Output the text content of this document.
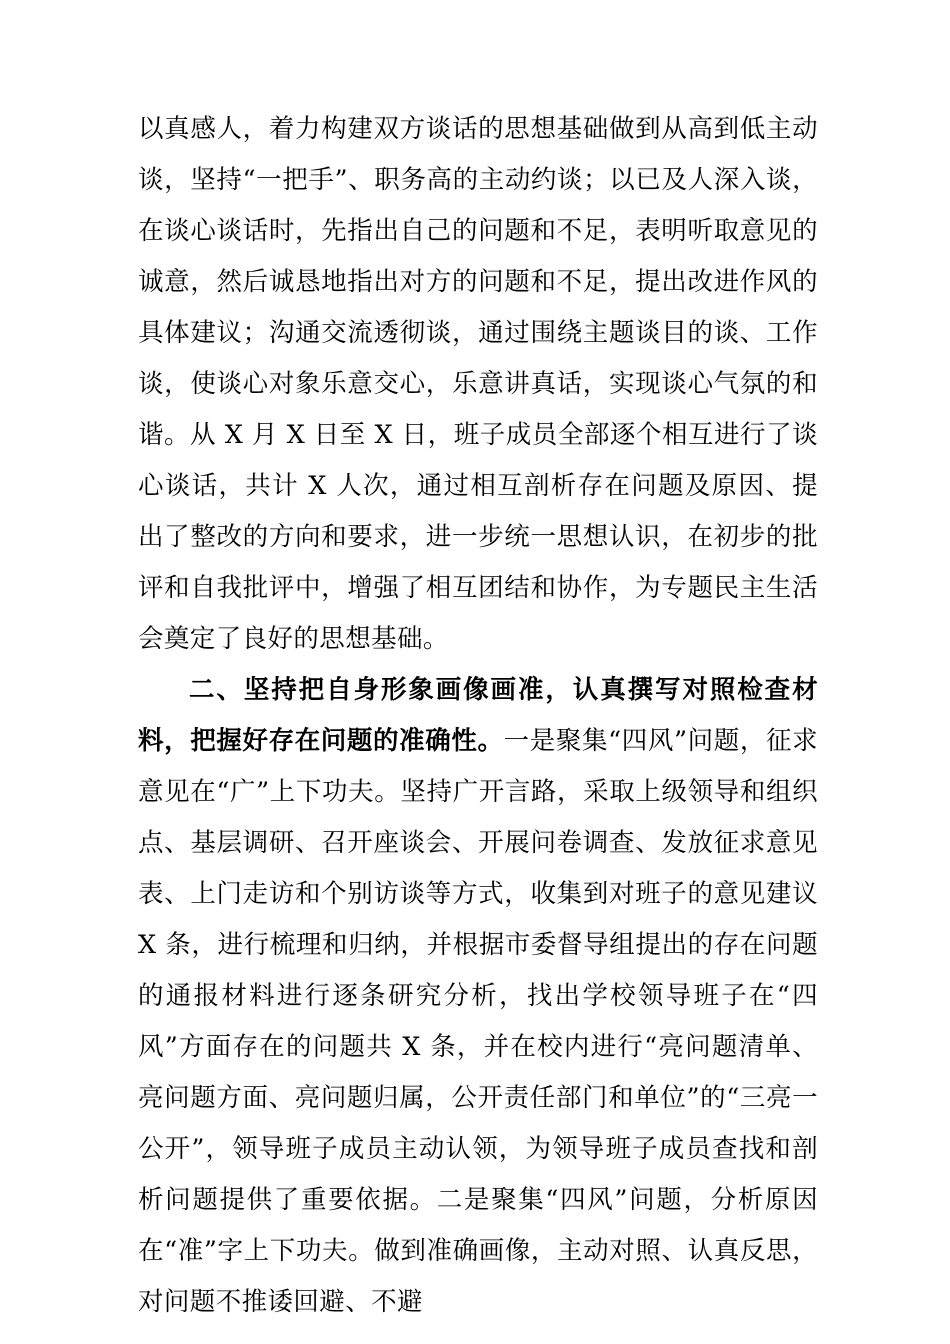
以真感人，着力构建双方谈话的思想基础做到从高到低主动谈，坚持“一把手”、职务高的主动约谈；以已及人深入谈，在谈心谈话时，先指出自己的问题和不足，表明听取意见的诚意，然后诚恳地指出对方的问题和不足，提出改进作风的具体建议；沟通交流透彻谈，通过围绕主题谈目的谈、工作谈，使谈心对象乐意交心，乐意讲真话，实现谈心气氛的和谐。从 X 月 X 日至 X 日，班子成员全部逐个相互进行了谈心谈话，共计 X 人次，通过相互剖析存在问题及原因、提出了整改的方向和要求，进一步统一思想认识，在初步的批评和自我批评中，增强了相互团结和协作，为专题民主生活会奠定了良好的思想基础。

二、坚持把自身形象画像画准，认真撰写对照检查材料，把握好存在问题的准确性。一是聚集“四风”问题，征求意见在“广”上下功夫。坚持广开言路，采取上级领导和组织点、基层调研、召开座谈会、开展问卷调查、发放征求意见表、上门走访和个别访谈等方式，收集到对班子的意见建议 X 条，进行梳理和归纳，并根据市委督导组提出的存在问题的通报材料进行逐条研究分析，找出学校领导班子在“四风”方面存在的问题共 X 条，并在校内进行“亮问题清单、亮问题方面、亮问题归属，公开责任部门和单位”的“三亮一公开”，领导班子成员主动认领，为领导班子成员查找和剖析问题提供了重要依据。二是聚集“四风”问题，分析原因在“准”字上下功夫。做到准确画像，主动对照、认真反思，对问题不推诿回避、不避
